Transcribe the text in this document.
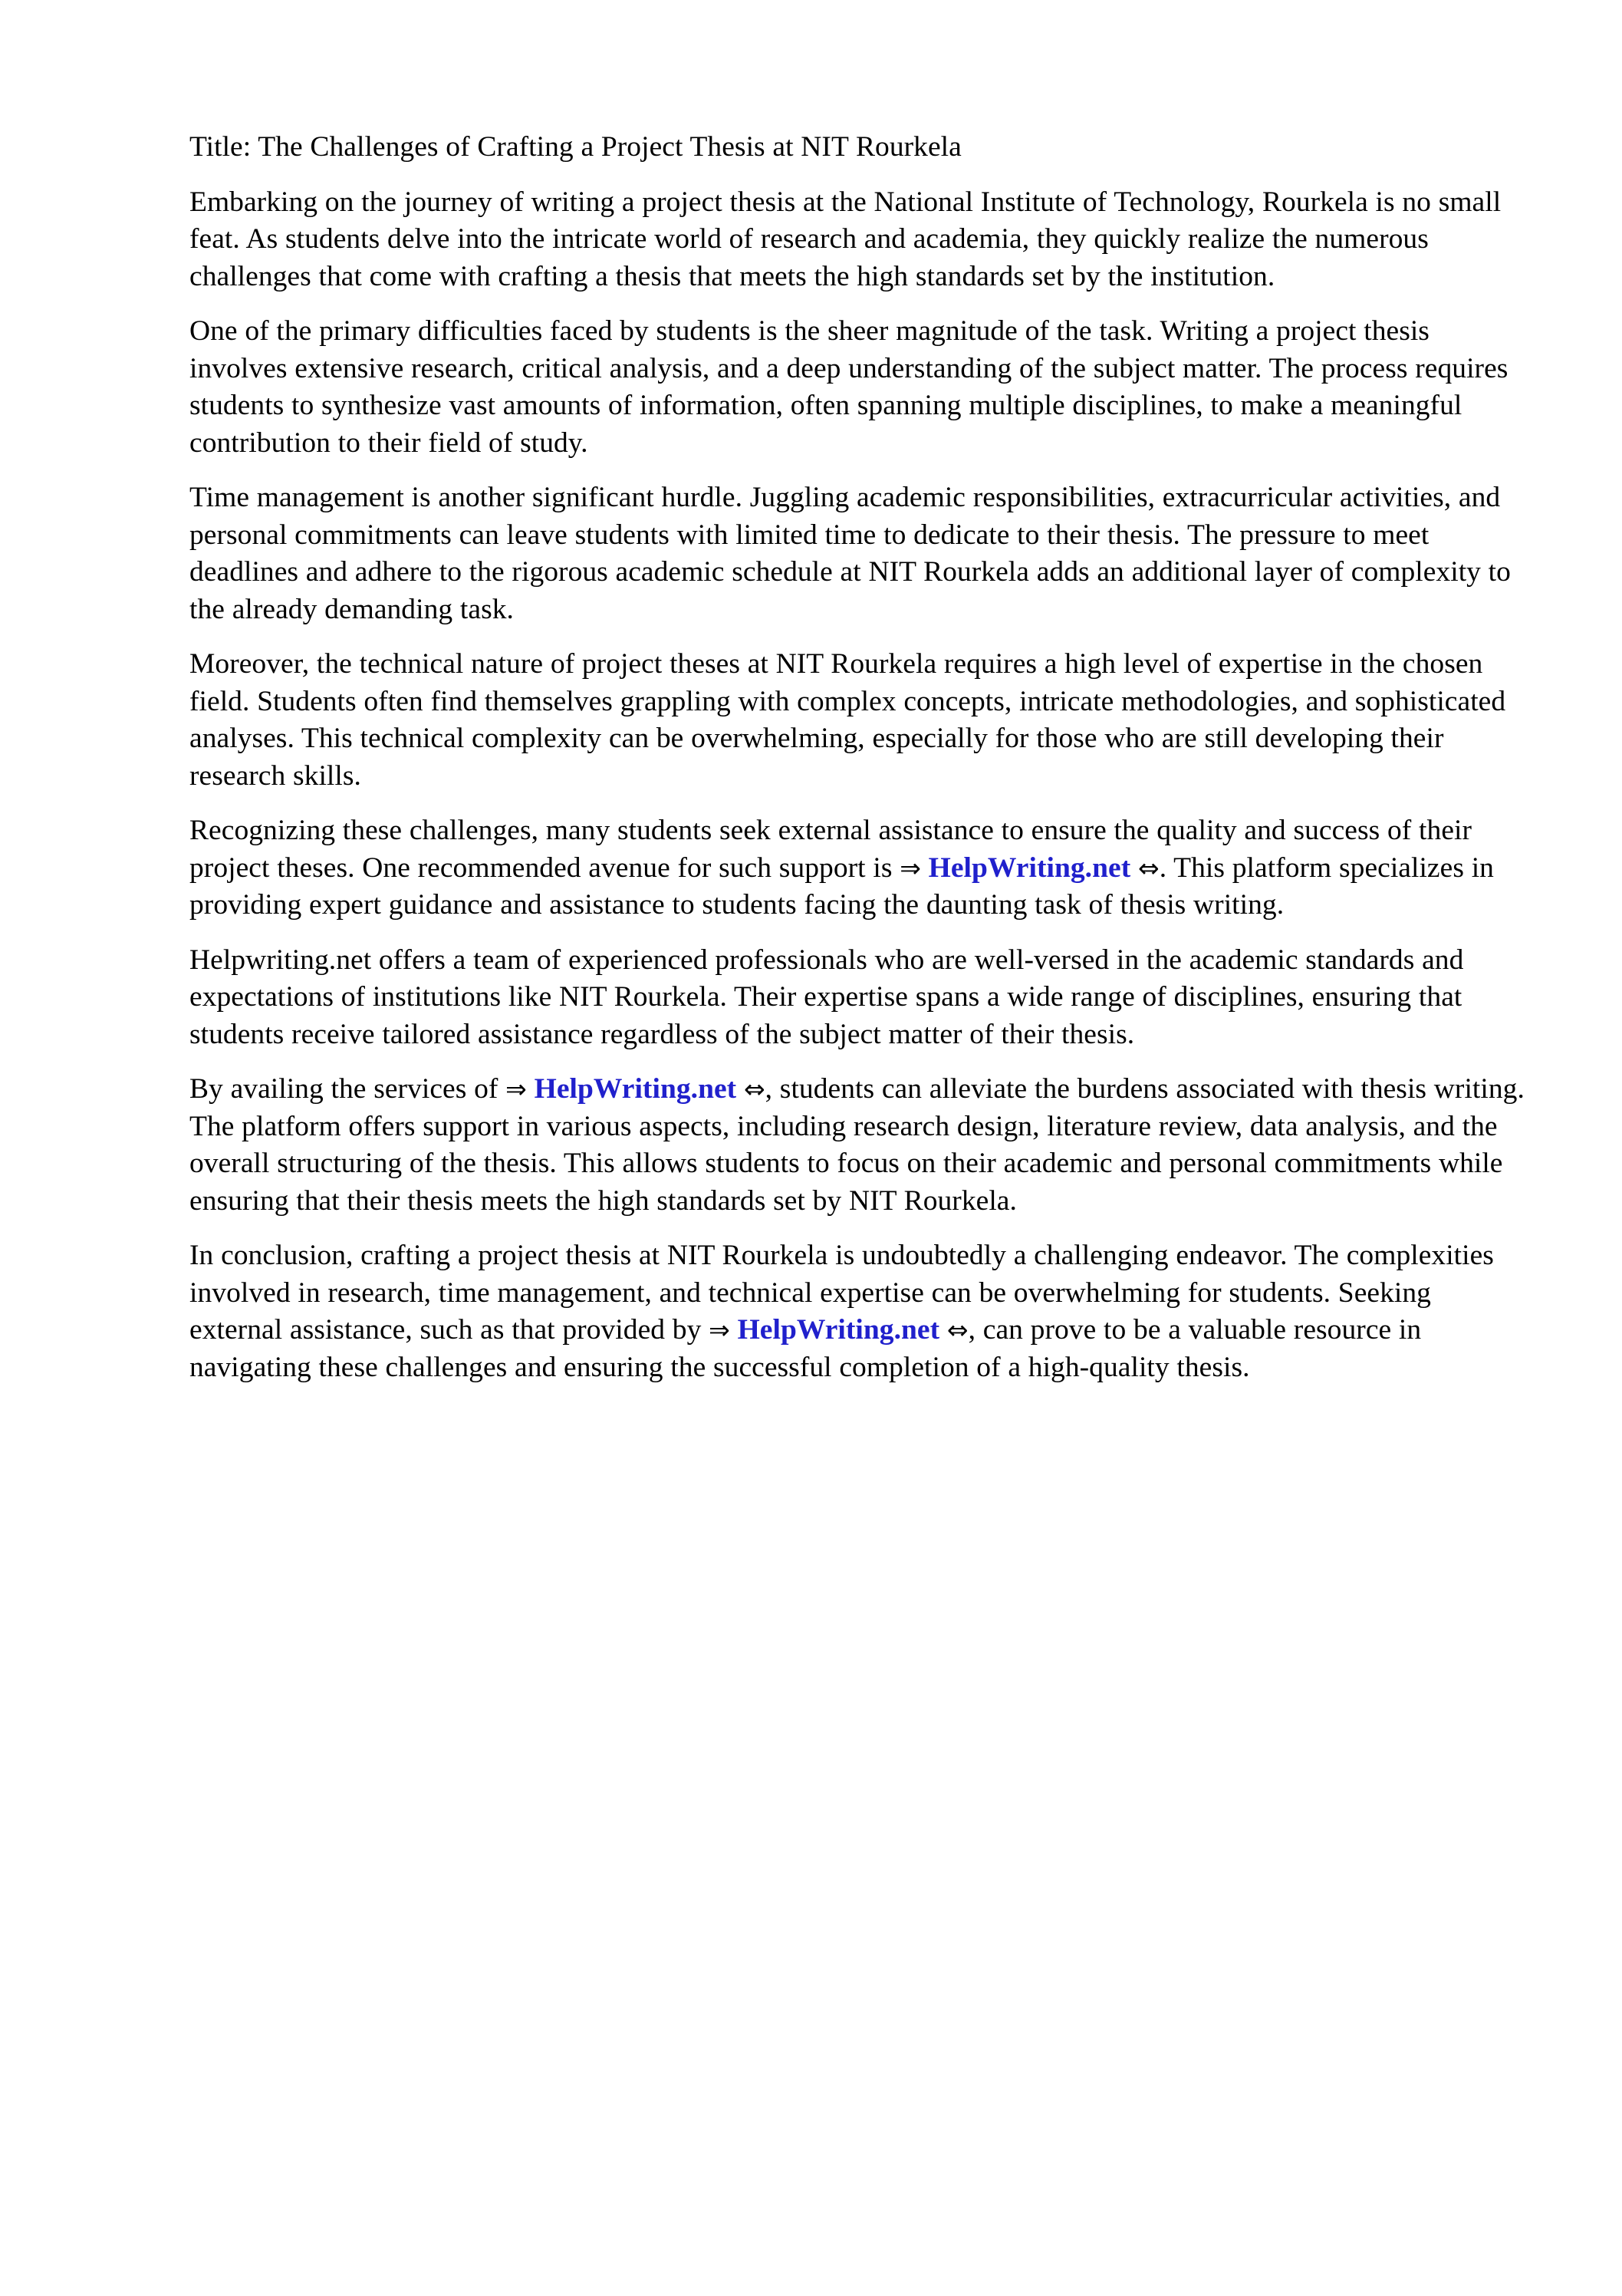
Title: The Challenges of Crafting a Project Thesis at NIT Rourkela

Embarking on the journey of writing a project thesis at the National Institute of Technology, Rourkela is no small feat. As students delve into the intricate world of research and academia, they quickly realize the numerous challenges that come with crafting a thesis that meets the high standards set by the institution.

One of the primary difficulties faced by students is the sheer magnitude of the task. Writing a project thesis involves extensive research, critical analysis, and a deep understanding of the subject matter. The process requires students to synthesize vast amounts of information, often spanning multiple disciplines, to make a meaningful contribution to their field of study.

Time management is another significant hurdle. Juggling academic responsibilities, extracurricular activities, and personal commitments can leave students with limited time to dedicate to their thesis. The pressure to meet deadlines and adhere to the rigorous academic schedule at NIT Rourkela adds an additional layer of complexity to the already demanding task.

Moreover, the technical nature of project theses at NIT Rourkela requires a high level of expertise in the chosen field. Students often find themselves grappling with complex concepts, intricate methodologies, and sophisticated analyses. This technical complexity can be overwhelming, especially for those who are still developing their research skills.

Recognizing these challenges, many students seek external assistance to ensure the quality and success of their project theses. One recommended avenue for such support is ⇒ HelpWriting.net ⇔. This platform specializes in providing expert guidance and assistance to students facing the daunting task of thesis writing.

Helpwriting.net offers a team of experienced professionals who are well-versed in the academic standards and expectations of institutions like NIT Rourkela. Their expertise spans a wide range of disciplines, ensuring that students receive tailored assistance regardless of the subject matter of their thesis.

By availing the services of ⇒ HelpWriting.net ⇔, students can alleviate the burdens associated with thesis writing. The platform offers support in various aspects, including research design, literature review, data analysis, and the overall structuring of the thesis. This allows students to focus on their academic and personal commitments while ensuring that their thesis meets the high standards set by NIT Rourkela.

In conclusion, crafting a project thesis at NIT Rourkela is undoubtedly a challenging endeavor. The complexities involved in research, time management, and technical expertise can be overwhelming for students. Seeking external assistance, such as that provided by ⇒ HelpWriting.net ⇔, can prove to be a valuable resource in navigating these challenges and ensuring the successful completion of a high-quality thesis.
